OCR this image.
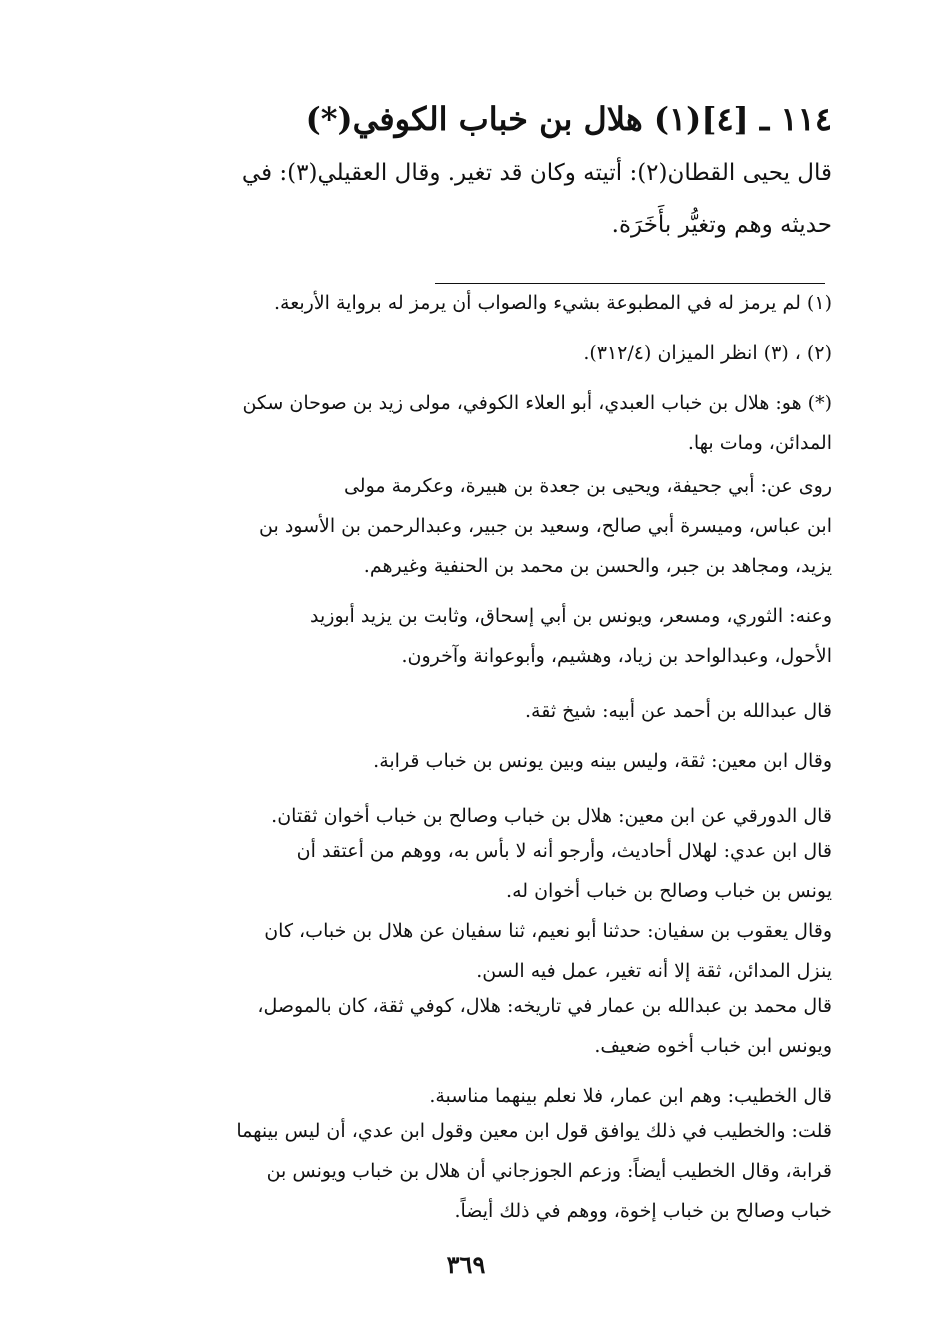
١١٤ ـ [٤](١) هلال بن خباب الكوفي(*)
قال يحيى القطان(٢): أتيته وكان قد تغير. وقال العقيلي(٣): في
حديثه وهم وتغيُّر بأَخَرَة.
(١) لم يرمز له في المطبوعة بشيء والصواب أن يرمز له برواية الأربعة.
(٢) ، (٣) انظر الميزان (٣١٢/٤).
(*) هو: هلال بن خباب العبدي، أبو العلاء الكوفي، مولى زيد بن صوحان سكن
المدائن، ومات بها.
روى عن: أبي جحيفة، ويحيى بن جعدة بن هبيرة، وعكرمة مولى
ابن عباس، وميسرة أبي صالح، وسعيد بن جبير، وعبدالرحمن بن الأسود بن
يزيد، ومجاهد بن جبر، والحسن بن محمد بن الحنفية وغيرهم.
وعنه: الثوري، ومسعر، ويونس بن أبي إسحاق، وثابت بن يزيد أبوزيد
الأحول، وعبدالواحد بن زياد، وهشيم، وأبوعوانة وآخرون.
قال عبدالله بن أحمد عن أبيه: شيخ ثقة.
وقال ابن معين: ثقة، وليس بينه وبين يونس بن خباب قرابة.
قال الدورقي عن ابن معين: هلال بن خباب وصالح بن خباب أخوان ثقتان.
قال ابن عدي: لهلال أحاديث، وأرجو أنه لا بأس به، ووهم من أعتقد أن
يونس بن خباب وصالح بن خباب أخوان له.
وقال يعقوب بن سفيان: حدثنا أبو نعيم، ثنا سفيان عن هلال بن خباب، كان
ينزل المدائن، ثقة إلا أنه تغير، عمل فيه السن.
قال محمد بن عبدالله بن عمار في تاريخه: هلال، كوفي ثقة، كان بالموصل،
ويونس ابن خباب أخوه ضعيف.
قال الخطيب: وهم ابن عمار، فلا نعلم بينهما مناسبة.
قلت: والخطيب في ذلك يوافق قول ابن معين وقول ابن عدي، أن ليس بينهما
قرابة، وقال الخطيب أيضاً: وزعم الجوزجاني أن هلال بن خباب ويونس بن
خباب وصالح بن خباب إخوة، ووهم في ذلك أيضاً.
٣٦٩
